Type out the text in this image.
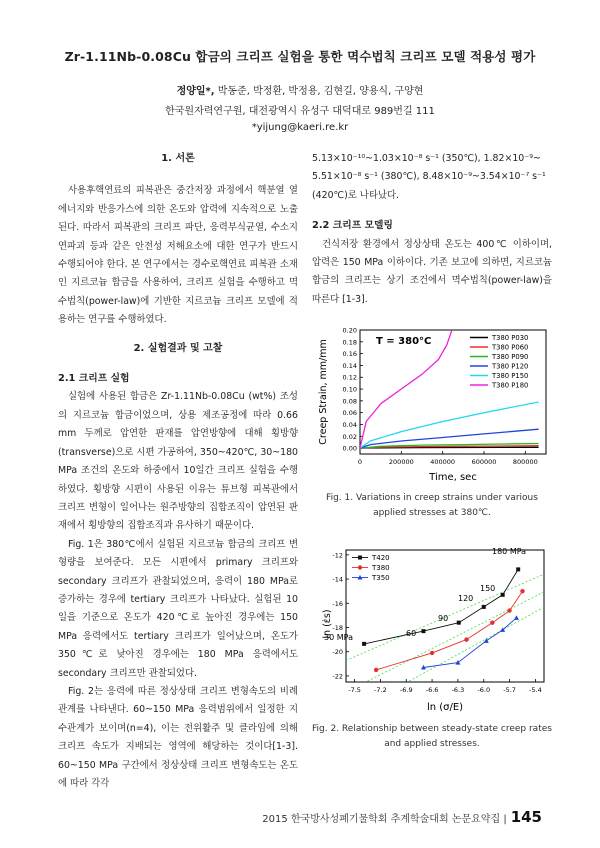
Zr-1.11Nb-0.08Cu 합금의 크리프 실험을 통한 멱수법칙 크리프 모델 적용성 평가
정양일*, 박동준, 박정환, 박정용, 김현길, 양용식, 구양현
한국원자력연구원, 대전광역시 유성구 대덕대로 989번길 111
*yijung@kaeri.re.kr
1. 서론

사용후핵연료의 피복관은 중간저장 과정에서 핵분열 열에너지와 반응가스에 의한 온도와 압력에 지속적으로 노출된다. 따라서 피복관의 크리프 파단, 응력부식균열, 수소지연파괴 등과 같은 안전성 저해요소에 대한 연구가 반드시 수행되어야 한다. 본 연구에서는 경수로핵연료 피복관 소재인 지르코늄 합금을 사용하여, 크리프 실험을 수행하고 멱수법칙(power-law)에 기반한 지르코늄 크리프 모델에 적용하는 연구를 수행하였다.

2. 실험결과 및 고찰
2.1 크리프 실험

실험에 사용된 합금은 Zr-1.11Nb-0.08Cu (wt%) 조성의 지르코늄 합금이었으며, 상용 제조공정에 따라 0.66 mm 두께로 압연한 판재를 압연방향에 대해 횡방향(transverse)으로 시편 가공하여, 350~420℃, 30~180 MPa 조건의 온도와 하중에서 10일간 크리프 실험을 수행하였다. 횡방향 시편이 사용된 이유는 튜브형 피복관에서 크리프 변형이 일어나는 원주방향의 집합조직이 압연된 판재에서 횡방향의 집합조직과 유사하기 때문이다.

Fig. 1은 380℃에서 실험된 지르코늄 합금의 크리프 변형량을 보여준다. 모든 시편에서 primary 크리프와 secondary 크리프가 관찰되었으며, 응력이 180 MPa로 증가하는 경우에 tertiary 크리프가 나타났다. 실험된 10 일을 기준으로 온도가 420℃로 높아진 경우에는 150 MPa 응력에서도 tertiary 크리프가 일어났으며, 온도가 350℃로 낮아진 경우에는 180 MPa 응력에서도 secondary 크리프만 관찰되었다.

Fig. 2는 응력에 따른 정상상태 크리프 변형속도의 비례 관계를 나타낸다. 60~150 MPa 응력범위에서 일정한 지수관계가 보이며(n=4), 이는 전위활주 및 클라임에 의해 크리프 속도가 지배되는 영역에 해당하는 것이다[1-3]. 60~150 MPa 구간에서 정상상태 크리프 변형속도는 온도에 따라 각각

5.13×10⁻¹⁰~1.03×10⁻⁸ s⁻¹ (350℃), 1.82×10⁻⁹~

5.51×10⁻⁸ s⁻¹ (380℃), 8.48×10⁻⁹~3.54×10⁻⁷ s⁻¹

(420℃)로 나타났다.

2.2 크리프 모델링

건식저장 환경에서 정상상태 온도는 400℃ 이하이며, 압력은 150 MPa 이하이다. 기존 보고에 의하면, 지르코늄 합금의 크리프는 상기 조건에서 멱수법칙(power-law)을 따른다 [1-3].

0.00
0.02
0.04
0.06
0.08
0.10
0.12
0.14
0.16
0.18
0.20
0	200000	400000	600000	800000
Time, sec
Creep Strain, mm/mm	T = 380°C	T380 P030
T380 P060
T380 P090
T380 P120
T380 P150
T380 P180
Fig. 1. Variations in creep strains under various applied stresses at 380℃.
-12
-14
-16
-18
-20
-22
-7.5 -7.2 -6.9 -6.6 -6.3 -6.0 -5.7 -5.4
ln (σ/E)
ln (ε̇s)
T420
T380
T350
180 MPa
150
120
90
60
30 MPa
Fig. 2. Relationship between steady-state creep rates and applied stresses.
2015 한국방사성폐기물학회 추계학술대회 논문요약집 | 145
